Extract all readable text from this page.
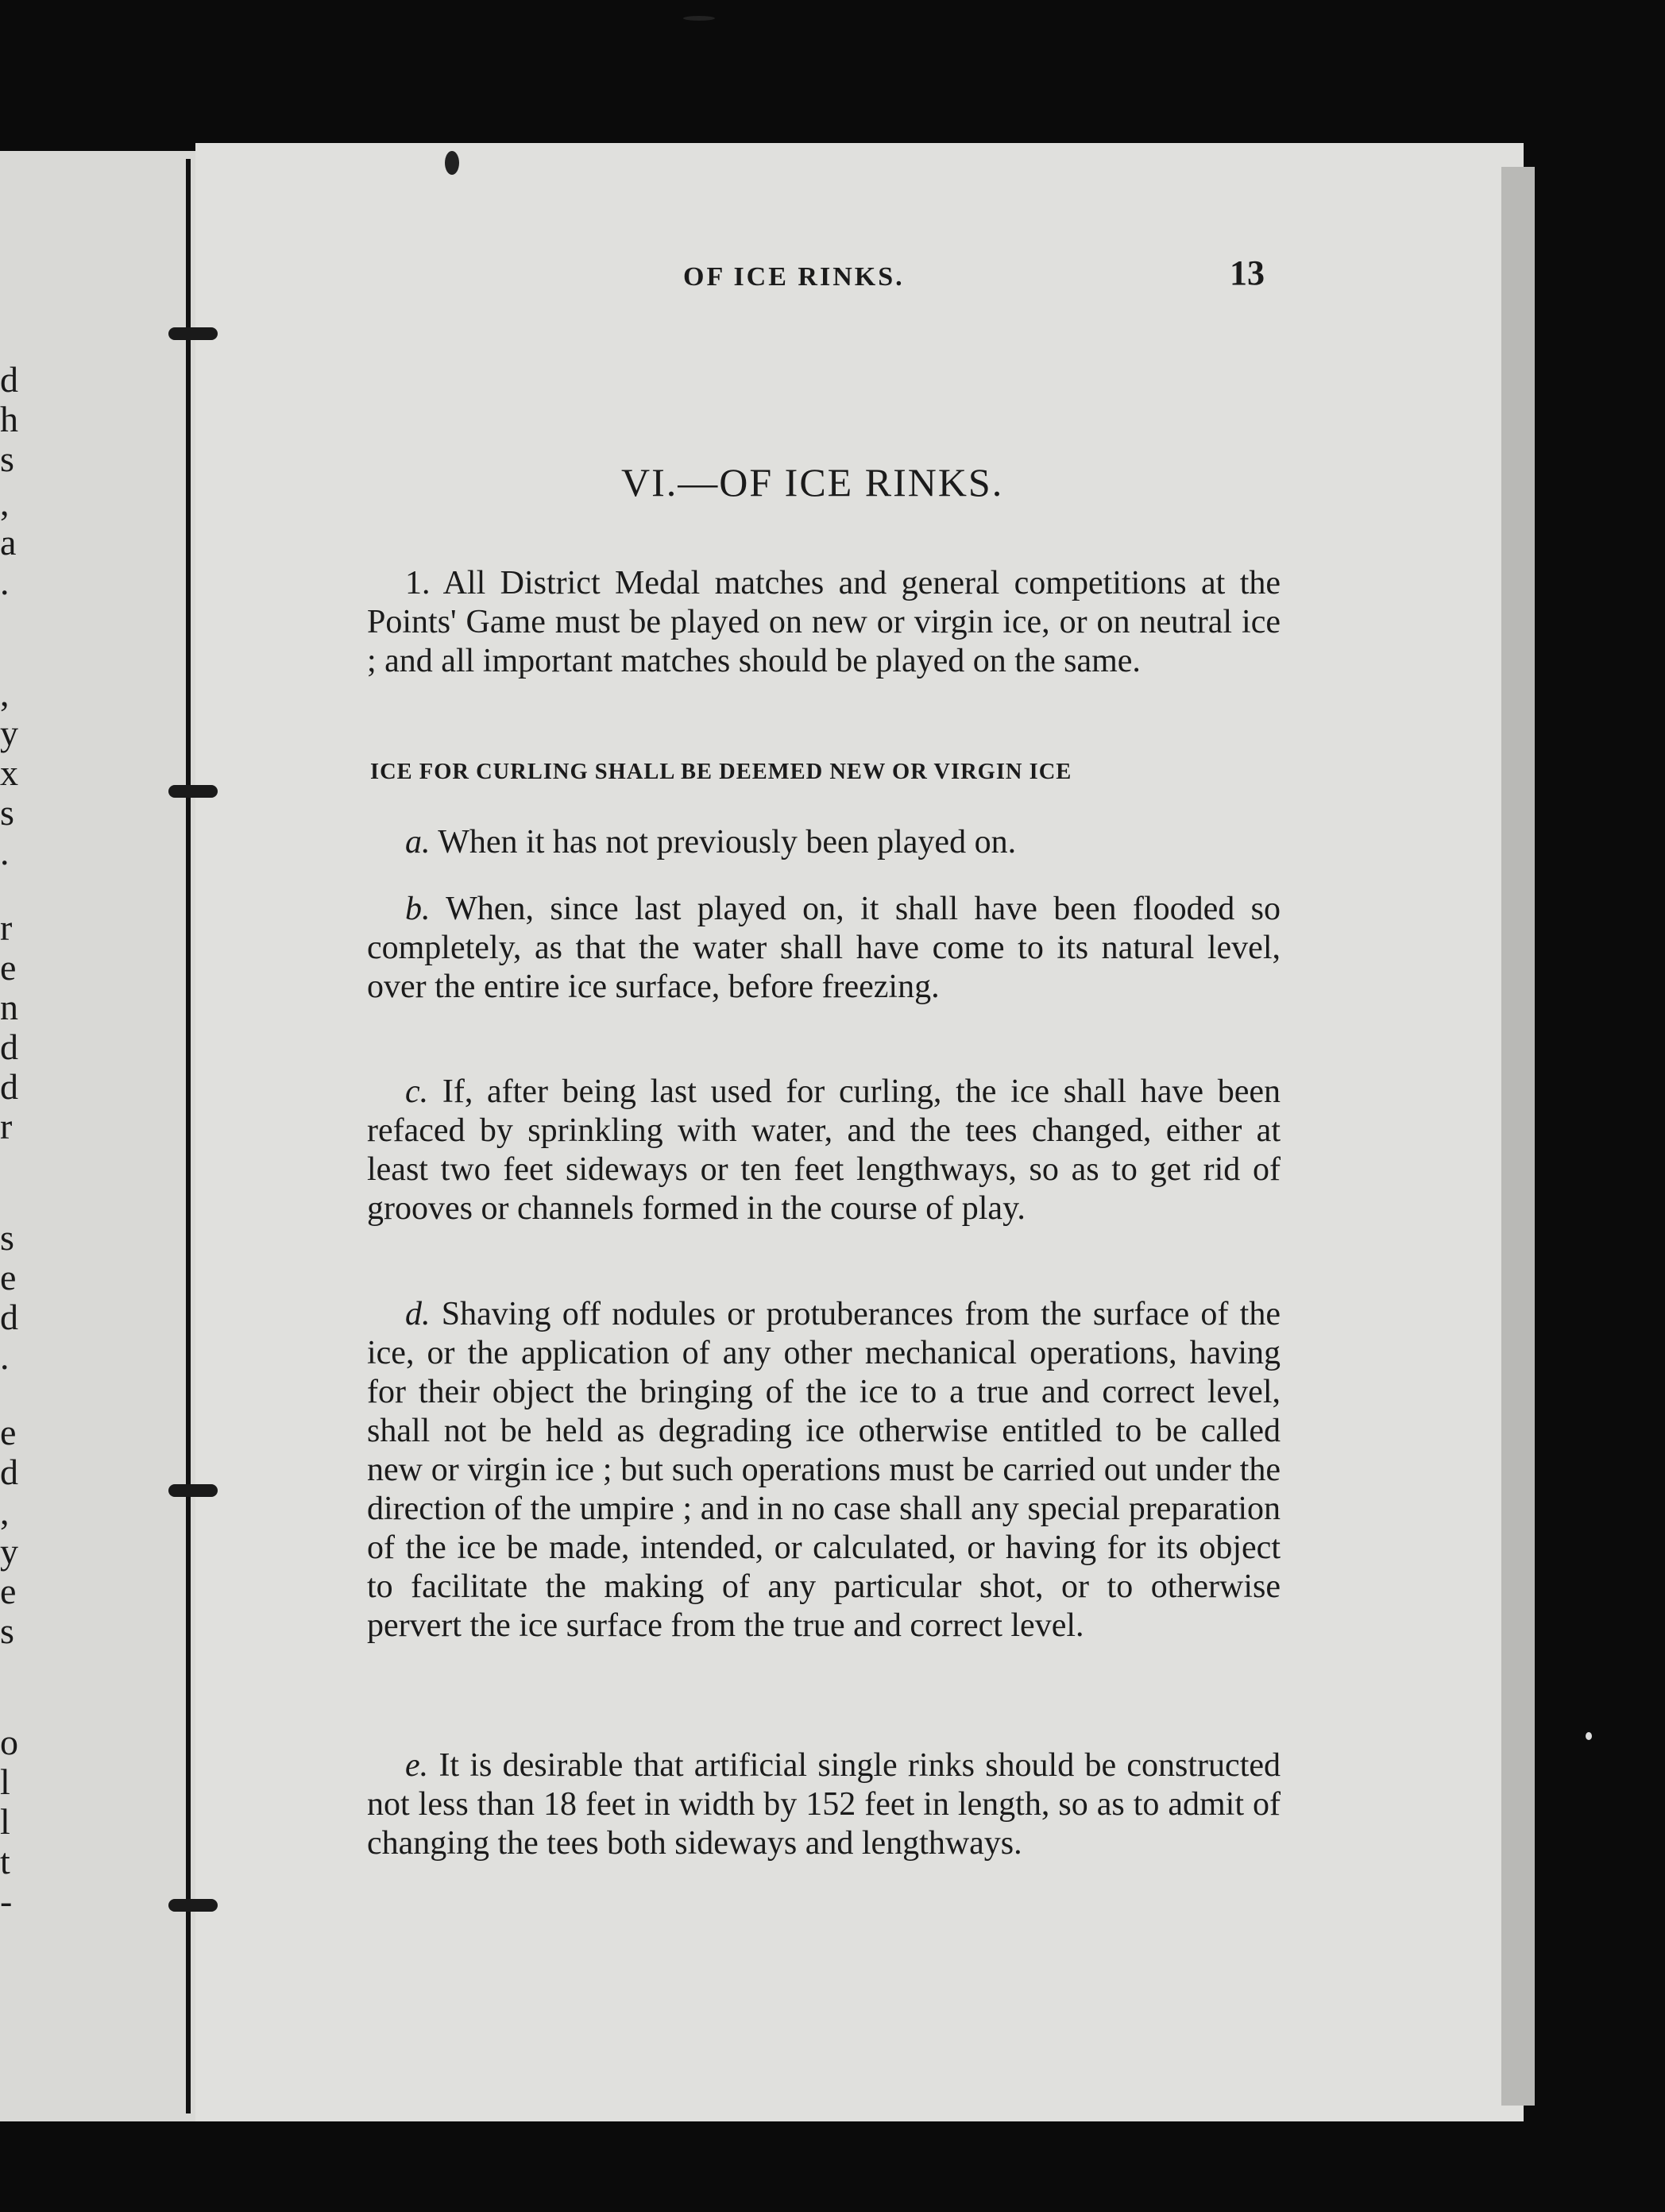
d
h
s
,
a
.
,
y
x
s
.
r
e
n
d
d
r
s
e
d
.
e
d
,
y
e
s
o
l
l
t
-
OF ICE RINKS.	13
VI.—OF ICE RINKS.
1. All District Medal matches and general competitions at the Points' Game must be played on new or virgin ice, or on neutral ice ; and all important matches should be played on the same.
ICE FOR CURLING SHALL BE DEEMED NEW OR VIRGIN ICE
a. When it has not previously been played on.
b. When, since last played on, it shall have been flooded so completely, as that the water shall have come to its natural level, over the entire ice surface, before freezing.
c. If, after being last used for curling, the ice shall have been refaced by sprinkling with water, and the tees changed, either at least two feet sideways or ten feet lengthways, so as to get rid of grooves or channels formed in the course of play.
d. Shaving off nodules or protuberances from the surface of the ice, or the application of any other mechanical operations, having for their object the bringing of the ice to a true and correct level, shall not be held as degrading ice otherwise entitled to be called new or virgin ice ; but such operations must be carried out under the direction of the umpire ; and in no case shall any special preparation of the ice be made, intended, or calculated, or having for its object to facilitate the making of any particular shot, or to otherwise pervert the ice surface from the true and correct level.
e. It is desirable that artificial single rinks should be constructed not less than 18 feet in width by 152 feet in length, so as to admit of changing the tees both sideways and lengthways.
